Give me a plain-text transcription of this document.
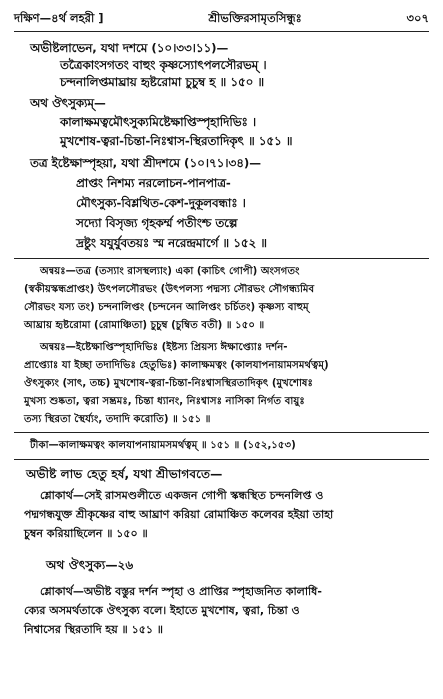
দক্ষিণ—৪র্থ লহরী ]	শ্রীভক্তিরসামৃতসিন্ধুঃ	৩০৭
অভীষ্টলাভেন, যথা দশমে (১০।৩৩।১১)—
তত্রৈকাংসগতং বাহুং কৃষ্ণস্যোৎপলসৌরভম্‌ ।
চন্দনালিপ্তমাঘ্রায় হৃষ্টরোমা চুচুম্ব হ ॥ ১৫০ ॥
অথ ঔৎসুক্যম্‌—
কালাক্ষমত্বমৌৎসুক্যমিষ্টেক্ষাপ্তিস্পৃহাদিভিঃ ।
মুখশোষ-ত্বরা-চিন্তা-নিঃশ্বাস-স্থিরতাদিকৃৎ ॥ ১৫১ ॥
তত্র ইষ্টেক্ষাস্পৃহয়া, যথা শ্রীদশমে (১০।৭১।৩৪)—
প্রাপ্তং নিশম্য নরলোচন-পানপাত্র-
মৌৎসুক্য-বিশ্লথিত-কেশ-দুকূলবন্ধাঃ ।
সদ্যো বিসৃজ্য গৃহকর্ম্ম পতীংশ্চ তল্পে
দ্রষ্টুং যযুর্যুবতয়ঃ স্ম নরেন্দ্রমার্গে ॥ ১৫২ ॥
অন্বয়ঃ—তত্র (তস্যাং রাসস্থল্যাং) একা (কাচিৎ গোপী) অংসগতং
(স্বকীয়স্কন্ধপ্রাপ্তং) উৎপলসৌরভং (উৎপলস্য পদ্মস্য সৌরভং সৌগন্ধ্যমিব
সৌরভং যস্য তং) চন্দনালিপ্তং (চন্দনেন আলিপ্তং চর্চিতং) কৃষ্ণস্য বাহুম্‌
আঘ্রায় হৃষ্টরোমা (রোমাঞ্চিতা) চুচুম্ব (চুম্বিত বতী) ॥ ১৫০ ॥
অন্বয়ঃ—ইষ্টেক্ষাপ্তিস্পৃহাদিভিঃ (ইষ্টস্য প্রিয়স্য ঈক্ষাপ্ত্যোঃ দর্শন-
প্রাপ্ত্যোঃ যা ইচ্ছা তদাদিভিঃ হেতুভিঃ) কালাক্ষমত্বং (কালযাপনায়ামসমর্থত্বম্‌)
ঔৎসুক্যং (সাৎ, তচ্চ) মুখশোষ-ত্বরা-চিন্তা-নিঃশ্বাসস্থিরতাদিকৃৎ (মুখশোষঃ
মুখস্য শুষ্কতা, ত্বরা সম্ভ্রমঃ, চিন্তা ধ্যানং, নিঃশ্বাসঃ নাসিকা নির্গত বায়ুঃ
তস্য স্থিরতা স্থৈর্য্যং, তদাদি করোতি) ॥ ১৫১ ॥
টীকা—কালাক্ষমত্বং কালযাপনায়ামসমর্থত্বম্‌ ॥ ১৫১ ॥ (১৫২,১৫৩)
অভীষ্ট লাভ হেতু হর্ষ, যথা শ্রীভাগবতে—
শ্লোকার্থ—সেই রাসমণ্ডলীতে একজন গোপী স্কন্ধস্থিত চন্দনলিপ্ত ও
পদ্মগন্ধযুক্ত শ্রীকৃষ্ণের বাহু আঘ্রাণ করিয়া রোমাঞ্চিত কলেবর হইয়া তাহা
চুম্বন করিয়াছিলেন ॥ ১৫০ ॥
অথ ঔৎসুক্য—২৬
শ্লোকার্থ—অভীষ্ট বস্তুর দর্শন স্পৃহা ও প্রাপ্তির স্পৃহাজনিত কালাধি-
ক্যের অসমর্থতাকে ঔৎসুক্য বলে। ইহাতে মুখশোষ, ত্বরা, চিন্তা ও
নিশ্বাসের স্থিরতাদি হয় ॥ ১৫১ ॥
